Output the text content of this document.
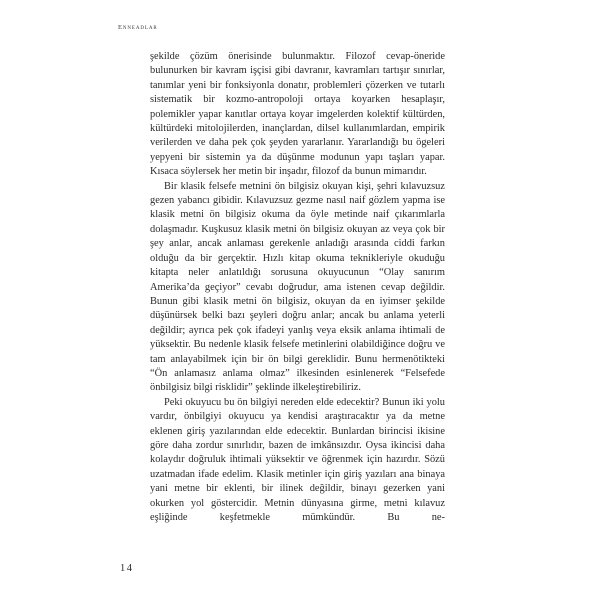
Enneadlar

şekilde çözüm önerisinde bulunmaktır. Filozof cevap-öneride bulunurken bir kavram işçisi gibi davranır, kavramları tartışır sınırlar, tanımlar yeni bir fonksiyonla donatır, problemleri çözerken ve tutarlı sistematik bir kozmo-antropoloji ortaya koyarken hesaplaşır, polemikler yapar kanıtlar ortaya koyar imgelerden kolektif kültürden, kültürdeki mitolojilerden, inançlardan, dilsel kullanımlardan, empirik verilerden ve daha pek çok şeyden yararlanır. Yararlandığı bu ögeleri yepyeni bir sistemin ya da düşünme modunun yapı taşları yapar. Kısaca söylersek her metin bir inşadır, filozof da bunun mimarıdır.

Bir klasik felsefe metnini ön bilgisiz okuyan kişi, şehri kılavuzsuz gezen yabancı gibidir. Kılavuzsuz gezme nasıl naif gözlem yapma ise klasik metni ön bilgisiz okuma da öyle metinde naif çıkarımlarla dolaşmadır. Kuşkusuz klasik metni ön bilgisiz okuyan az veya çok bir şey anlar, ancak anlaması gerekenle anladığı arasında ciddi farkın olduğu da bir gerçektir. Hızlı kitap okuma teknikleriyle okuduğu kitapta neler anlatıldığı sorusuna okuyucunun “Olay sanırım Amerika’da geçiyor” cevabı doğrudur, ama istenen cevap değildir. Bunun gibi klasik metni ön bilgisiz, okuyan da en iyimser şekilde düşünürsek belki bazı şeyleri doğru anlar; ancak bu anlama yeterli değildir; ayrıca pek çok ifadeyi yanlış veya eksik anlama ihtimali de yüksektir. Bu nedenle klasik felsefe metinlerini olabildiğince doğru ve tam anlayabilmek için bir ön bilgi gereklidir. Bunu hermenötikteki “Ön anlamasız anlama olmaz” ilkesinden esinlenerek “Felsefede önbilgisiz bilgi risklidir” şeklinde ilkeleştirebiliriz.

Peki okuyucu bu ön bilgiyi nereden elde edecektir? Bunun iki yolu vardır, önbilgiyi okuyucu ya kendisi araştıracaktır ya da metne eklenen giriş yazılarından elde edecektir. Bunlardan birincisi ikisine göre daha zordur sınırlıdır, bazen de imkânsızdır. Oysa ikincisi daha kolaydır doğruluk ihtimali yüksektir ve öğrenmek için hazırdır. Sözü uzatmadan ifade edelim. Klasik metinler için giriş yazıları ana binaya yani metne bir eklenti, bir ilinek değildir, binayı gezerken yani okurken yol göstercidir. Metnin dünyasına girme, metni kılavuz eşliğinde keşfetmekle mümkündür. Bu ne-

14
